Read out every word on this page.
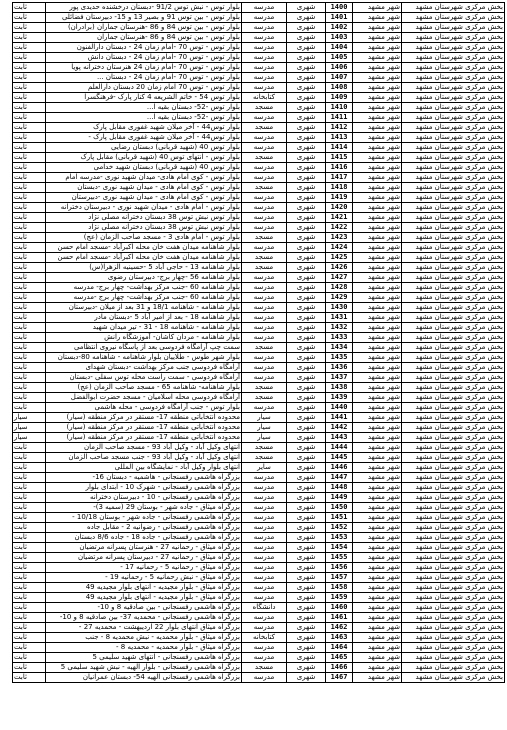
ثابت	بلوار توس - نبش توس 91/2 -دبستان درخشنده حدیدی پور	مدرسه	شهری	1400	شهر مشهد	بخش مرکزی شهرستان مشهد
ثابت	بلوار توس - بین توس 91 و بصیر 13 و 15- دبیرستان فضائلی	مدرسه	شهری	1401	شهر مشهد	بخش مرکزی شهرستان مشهد
ثابت	بلوار توس - بین توس 84 و 86 -هنرستان جماران (برادران)	مدرسه	شهری	1402	شهر مشهد	بخش مرکزی شهرستان مشهد
ثابت	بلوار توس - بین توس 84 و 86 -هنرستان جماران	مدرسه	شهری	1403	شهر مشهد	بخش مرکزی شهرستان مشهد
ثابت	بلوار توس - توس 70 -امام زمان 24 - دبستان دارالفنون	مدرسه	شهری	1404	شهر مشهد	بخش مرکزی شهرستان مشهد
ثابت	بلوار توس - توس 70 -امام زمان 24 - دبستان دانش	مدرسه	شهری	1405	شهر مشهد	بخش مرکزی شهرستان مشهد
ثابت	بلوار توس - توس 70 -امام زمان 24 هنرستان دخترانه پویا	مدرسه	شهری	1406	شهر مشهد	بخش مرکزی شهرستان مشهد
ثابت	بلوار توس - توس 70 -امام زمان 24 - دبستان ...	مدرسه	شهری	1407	شهر مشهد	بخش مرکزی شهرستان مشهد
ثابت	بلوار توس - توس 70 امام زمان 20 دبستان دارالعلم	مدرسه	شهری	1408	شهر مشهد	بخش مرکزی شهرستان مشهد
ثابت	بلوار توس 54 - خاتم الشریعه 4 کنار پارک -فرهنگسرا	کتابخانه	شهری	1409	شهر مشهد	بخش مرکزی شهرستان مشهد
ثابت	بلوار توس -52- دبستان بقیه ا...	مسجد	شهری	1410	شهر مشهد	بخش مرکزی شهرستان مشهد
ثابت	بلوار توس -52- دبستان بقیه ا...	مدرسه	شهری	1411	شهر مشهد	بخش مرکزی شهرستان مشهد
ثابت	بلوار توس44 - آخر میلان شهید غفوری مقابل پارک	مسجد	شهری	1412	شهر مشهد	بخش مرکزی شهرستان مشهد
ثابت	بلوار توس44 - آخر میلان شهید غفوری مقابل پارک -	مدرسه	شهری	1413	شهر مشهد	بخش مرکزی شهرستان مشهد
ثابت	بلوار توس 40 (شهید قربانی) دبستان رضایی	مدرسه	شهری	1414	شهر مشهد	بخش مرکزی شهرستان مشهد
ثابت	بلوار توس - انتهای توس 40 (شهید قربانی) مقابل پارک	مسجد	شهری	1415	شهر مشهد	بخش مرکزی شهرستان مشهد
ثابت	بلوار توس 40 (شهید قربانی) دبستان شهید خدامی	مدرسه	شهری	1416	شهر مشهد	بخش مرکزی شهرستان مشهد
ثابت	بلوار توس - کوی امام هادی- میدان شهید نوری -مدرسه امام	مدرسه	شهری	1417	شهر مشهد	بخش مرکزی شهرستان مشهد
ثابت	بلوار توس - کوی امام هادی - میدان شهید نوری -دبستان	مسجد	شهری	1418	شهر مشهد	بخش مرکزی شهرستان مشهد
ثابت	بلوار توس - کوی امام هادی - میدان شهید نوری -دبیرستان	مدرسه	شهری	1419	شهر مشهد	بخش مرکزی شهرستان مشهد
ثابت	بلوار توس - امام هادی - میدان شهید نوری - دبیرستان دخترانه	مدرسه	شهری	1420	شهر مشهد	بخش مرکزی شهرستان مشهد
ثابت	بلوار توس نبش توس 38 دبستان دخترانه مصلی نژاد	مدرسه	شهری	1421	شهر مشهد	بخش مرکزی شهرستان مشهد
ثابت	بلوار توس نبش توس 38 دبستان دخترانه مصلی نژاد	مدرسه	شهری	1422	شهر مشهد	بخش مرکزی شهرستان مشهد
ثابت	بلوار توس - امام هادی 3 - مسجد صاحب الزمان (عج)	مسجد	شهری	1423	شهر مشهد	بخش مرکزی شهرستان مشهد
ثابت	بلوار شاهنامه میدان هفت خان محله اکبرآباد -مسجد امام حسن	مدرسه	شهری	1424	شهر مشهد	بخش مرکزی شهرستان مشهد
ثابت	بلوار شاهنامه میدان هفت خان محله اکبرآباد -مسجد امام حسن	مسجد	شهری	1425	شهر مشهد	بخش مرکزی شهرستان مشهد
ثابت	بلوار شاهنامه 13 - حاجی آباد 5 -حسینیه الزهرا(س)	مسجد	شهری	1426	شهر مشهد	بخش مرکزی شهرستان مشهد
ثابت	بلوار شاهنامه 56 -چهار برج- دبیرستان رضوی	مدرسه	شهری	1427	شهر مشهد	بخش مرکزی شهرستان مشهد
ثابت	بلوار شاهنامه 60 -جنب مرکز بهداشت- چهار برج- مدرسه	مدرسه	شهری	1428	شهر مشهد	بخش مرکزی شهرستان مشهد
ثابت	بلوار شاهنامه 60 -جنب مرکز بهداشت- چهار برج -مدرسه	مدرسه	شهری	1429	شهر مشهد	بخش مرکزی شهرستان مشهد
ثابت	بلوار شاهنامه - شاهنامه 18/1 و 31 بعد از میلان -دبیرستان	مدرسه	شهری	1430	شهر مشهد	بخش مرکزی شهرستان مشهد
ثابت	بلوار شاهنامه 18 - بعد از امیر آباد 5 -دبستان مادر	مدرسه	شهری	1431	شهر مشهد	بخش مرکزی شهرستان مشهد
ثابت	بلوار شاهنامه - شاهنامه 18 - 31 - تیر میدان شهید	مدرسه	شهری	1432	شهر مشهد	بخش مرکزی شهرستان مشهد
ثابت	بلوار شاهنامه - مردان کاشان- آموزشگاه رانش	مدرسه	شهری	1433	شهر مشهد	بخش مرکزی شهرستان مشهد
ثابت	سمت چپ آرامگاه فردوسی بعد از پاسگاه نیروی انتظامی	مسجد	شهری	1434	شهر مشهد	بخش مرکزی شهرستان مشهد
ثابت	بلوار شهر طوس - طلاییان بلوار شاهنامه - شاهنامه 80-دبستان	مدرسه	شهری	1435	شهر مشهد	بخش مرکزی شهرستان مشهد
ثابت	آرامگاه فردوسی جنب مرکز بهداشت -دبستان شهدای	مدرسه	شهری	1436	شهر مشهد	بخش مرکزی شهرستان مشهد
ثابت	آرامگاه فردوسی - سمت راست محله توس سفلی -دبستان	مدرسه	شهری	1437	شهر مشهد	بخش مرکزی شهرستان مشهد
ثابت	بلوار شاهنامه- شاهنامه 65 - مسجد صاحب الزمان (عج)	مسجد	شهری	1438	شهر مشهد	بخش مرکزی شهرستان مشهد
ثابت	آرامگاه فردوسی محله اسلامیان - مسجد حضرت ابوالفضل	مسجد	شهری	1439	شهر مشهد	بخش مرکزی شهرستان مشهد
ثابت	بلوار توس - جنب آرامگاه فردوسی - محله هاشمی	مدرسه	شهری	1440	شهر مشهد	بخش مرکزی شهرستان مشهد
سیار	محدوده انتخاباتی منطقه 17- مستقر در مرکز منطقه (سیار)	سیار	شهری	1441	شهر مشهد	بخش مرکزی شهرستان مشهد
سیار	محدوده انتخاباتی منطقه 17- مستقر در مرکز منطقه (سیار)	سیار	شهری	1442	شهر مشهد	بخش مرکزی شهرستان مشهد
سیار	محدوده انتخاباتی منطقه 17- مستقر در مرکز منطقه (سیار)	سیار	شهری	1443	شهر مشهد	بخش مرکزی شهرستان مشهد
ثابت	انتهای وکیل آباد - وکیل آباد 93 - مسجد صاحب الزمان	مسجد	شهری	1444	شهر مشهد	بخش مرکزی شهرستان مشهد
ثابت	انتهای وکیل آباد - وکیل آباد 93 - جنب مسجد صاحب الزمان	مسجد	شهری	1445	شهر مشهد	بخش مرکزی شهرستان مشهد
ثابت	انتهای بلوار وکیل آباد - نمایشگاه بین المللی	سایر	شهری	1446	شهر مشهد	بخش مرکزی شهرستان مشهد
ثابت	بزرگراه هاشمی رفسنجانی - هاشمیه - دبستان 16-	مدرسه	شهری	1447	شهر مشهد	بخش مرکزی شهرستان مشهد
ثابت	بزرگراه هاشمی رفسنجانی - شهرک 10 - ابتدای بلوار	مدرسه	شهری	1448	شهر مشهد	بخش مرکزی شهرستان مشهد
ثابت	بزرگراه هاشمی رفسنجانی - 10 - دبیرستان دخترانه	مدرسه	شهری	1449	شهر مشهد	بخش مرکزی شهرستان مشهد
ثابت	بزرگراه میثاق - جاده شهر - بوستان 29 (سمیه 3)-	مدرسه	شهری	1450	شهر مشهد	بخش مرکزی شهرستان مشهد
ثابت	بزرگراه هاشمی رفسنجانی - جاده شهر - بوستان 10/18 -	مدرسه	شهری	1451	شهر مشهد	بخش مرکزی شهرستان مشهد
ثابت	بزرگراه هاشمی رفسنجانی - رضوانیه 2 - مقابل جاده	مدرسه	شهری	1452	شهر مشهد	بخش مرکزی شهرستان مشهد
ثابت	بزرگراه هاشمی رفسنجانی - جاده 18 - جاده 8/6 دبستان	مدرسه	شهری	1453	شهر مشهد	بخش مرکزی شهرستان مشهد
ثابت	بزرگراه میثاق - رحمانیه 27 - هنرستان پسرانه مرتضیان	مدرسه	شهری	1454	شهر مشهد	بخش مرکزی شهرستان مشهد
ثابت	بزرگراه میثاق - رحمانیه 27 - دبیرستان پسرانه مرتضیان	مدرسه	شهری	1455	شهر مشهد	بخش مرکزی شهرستان مشهد
ثابت	بزرگراه میثاق - رحمانیه 5 - رحمانیه 17 -	مدرسه	شهری	1456	شهر مشهد	بخش مرکزی شهرستان مشهد
ثابت	بزرگراه میثاق - نبش رحمانیه 5 - رحمانیه 19 -	مدرسه	شهری	1457	شهر مشهد	بخش مرکزی شهرستان مشهد
ثابت	بزرگراه میثاق - بلوار مجیدیه - انتهای بلوار مجیدیه 49	مدرسه	شهری	1458	شهر مشهد	بخش مرکزی شهرستان مشهد
ثابت	بزرگراه میثاق - بلوار مجیدیه - انتهای بلوار مجیدیه 49	مدرسه	شهری	1459	شهر مشهد	بخش مرکزی شهرستان مشهد
ثابت	بزرگراه هاشمی رفسنجانی - بین صادقیه 8 و 10-	دانشگاه	شهری	1460	شهر مشهد	بخش مرکزی شهرستان مشهد
ثابت	بزرگراه هاشمی رفسنجانی - محمدیه 37- بین صادقیه 8 و 10-	مدرسه	شهری	1461	شهر مشهد	بخش مرکزی شهرستان مشهد
ثابت	بزرگراه میثاق انتهای بلوار 22 اردیبهشت - محمدیه 27 -	مدرسه	شهری	1462	شهر مشهد	بخش مرکزی شهرستان مشهد
ثابت	بزرگراه میثاق - بلوار محمدیه - نبش محمدیه 8 - جنب	کتابخانه	شهری	1463	شهر مشهد	بخش مرکزی شهرستان مشهد
ثابت	بزرگراه میثاق - بلوار محمدیه - محمدیه 8 -	مدرسه	شهری	1464	شهر مشهد	بخش مرکزی شهرستان مشهد
ثابت	بزرگراه هاشمی رفسنجانی - انتهای شهید سلیمی 5	مدرسه	شهری	1465	شهر مشهد	بخش مرکزی شهرستان مشهد
ثابت	بزرگراه هاشمی رفسنجانی - بلوار الهیه - نبش شهید سلیمی 5	مسجد	شهری	1466	شهر مشهد	بخش مرکزی شهرستان مشهد
ثابت	بزرگراه هاشمی رفسنجانی الهیه 54- دبستان عمرانیان	مدرسه	شهری	1467	شهر مشهد	بخش مرکزی شهرستان مشهد
